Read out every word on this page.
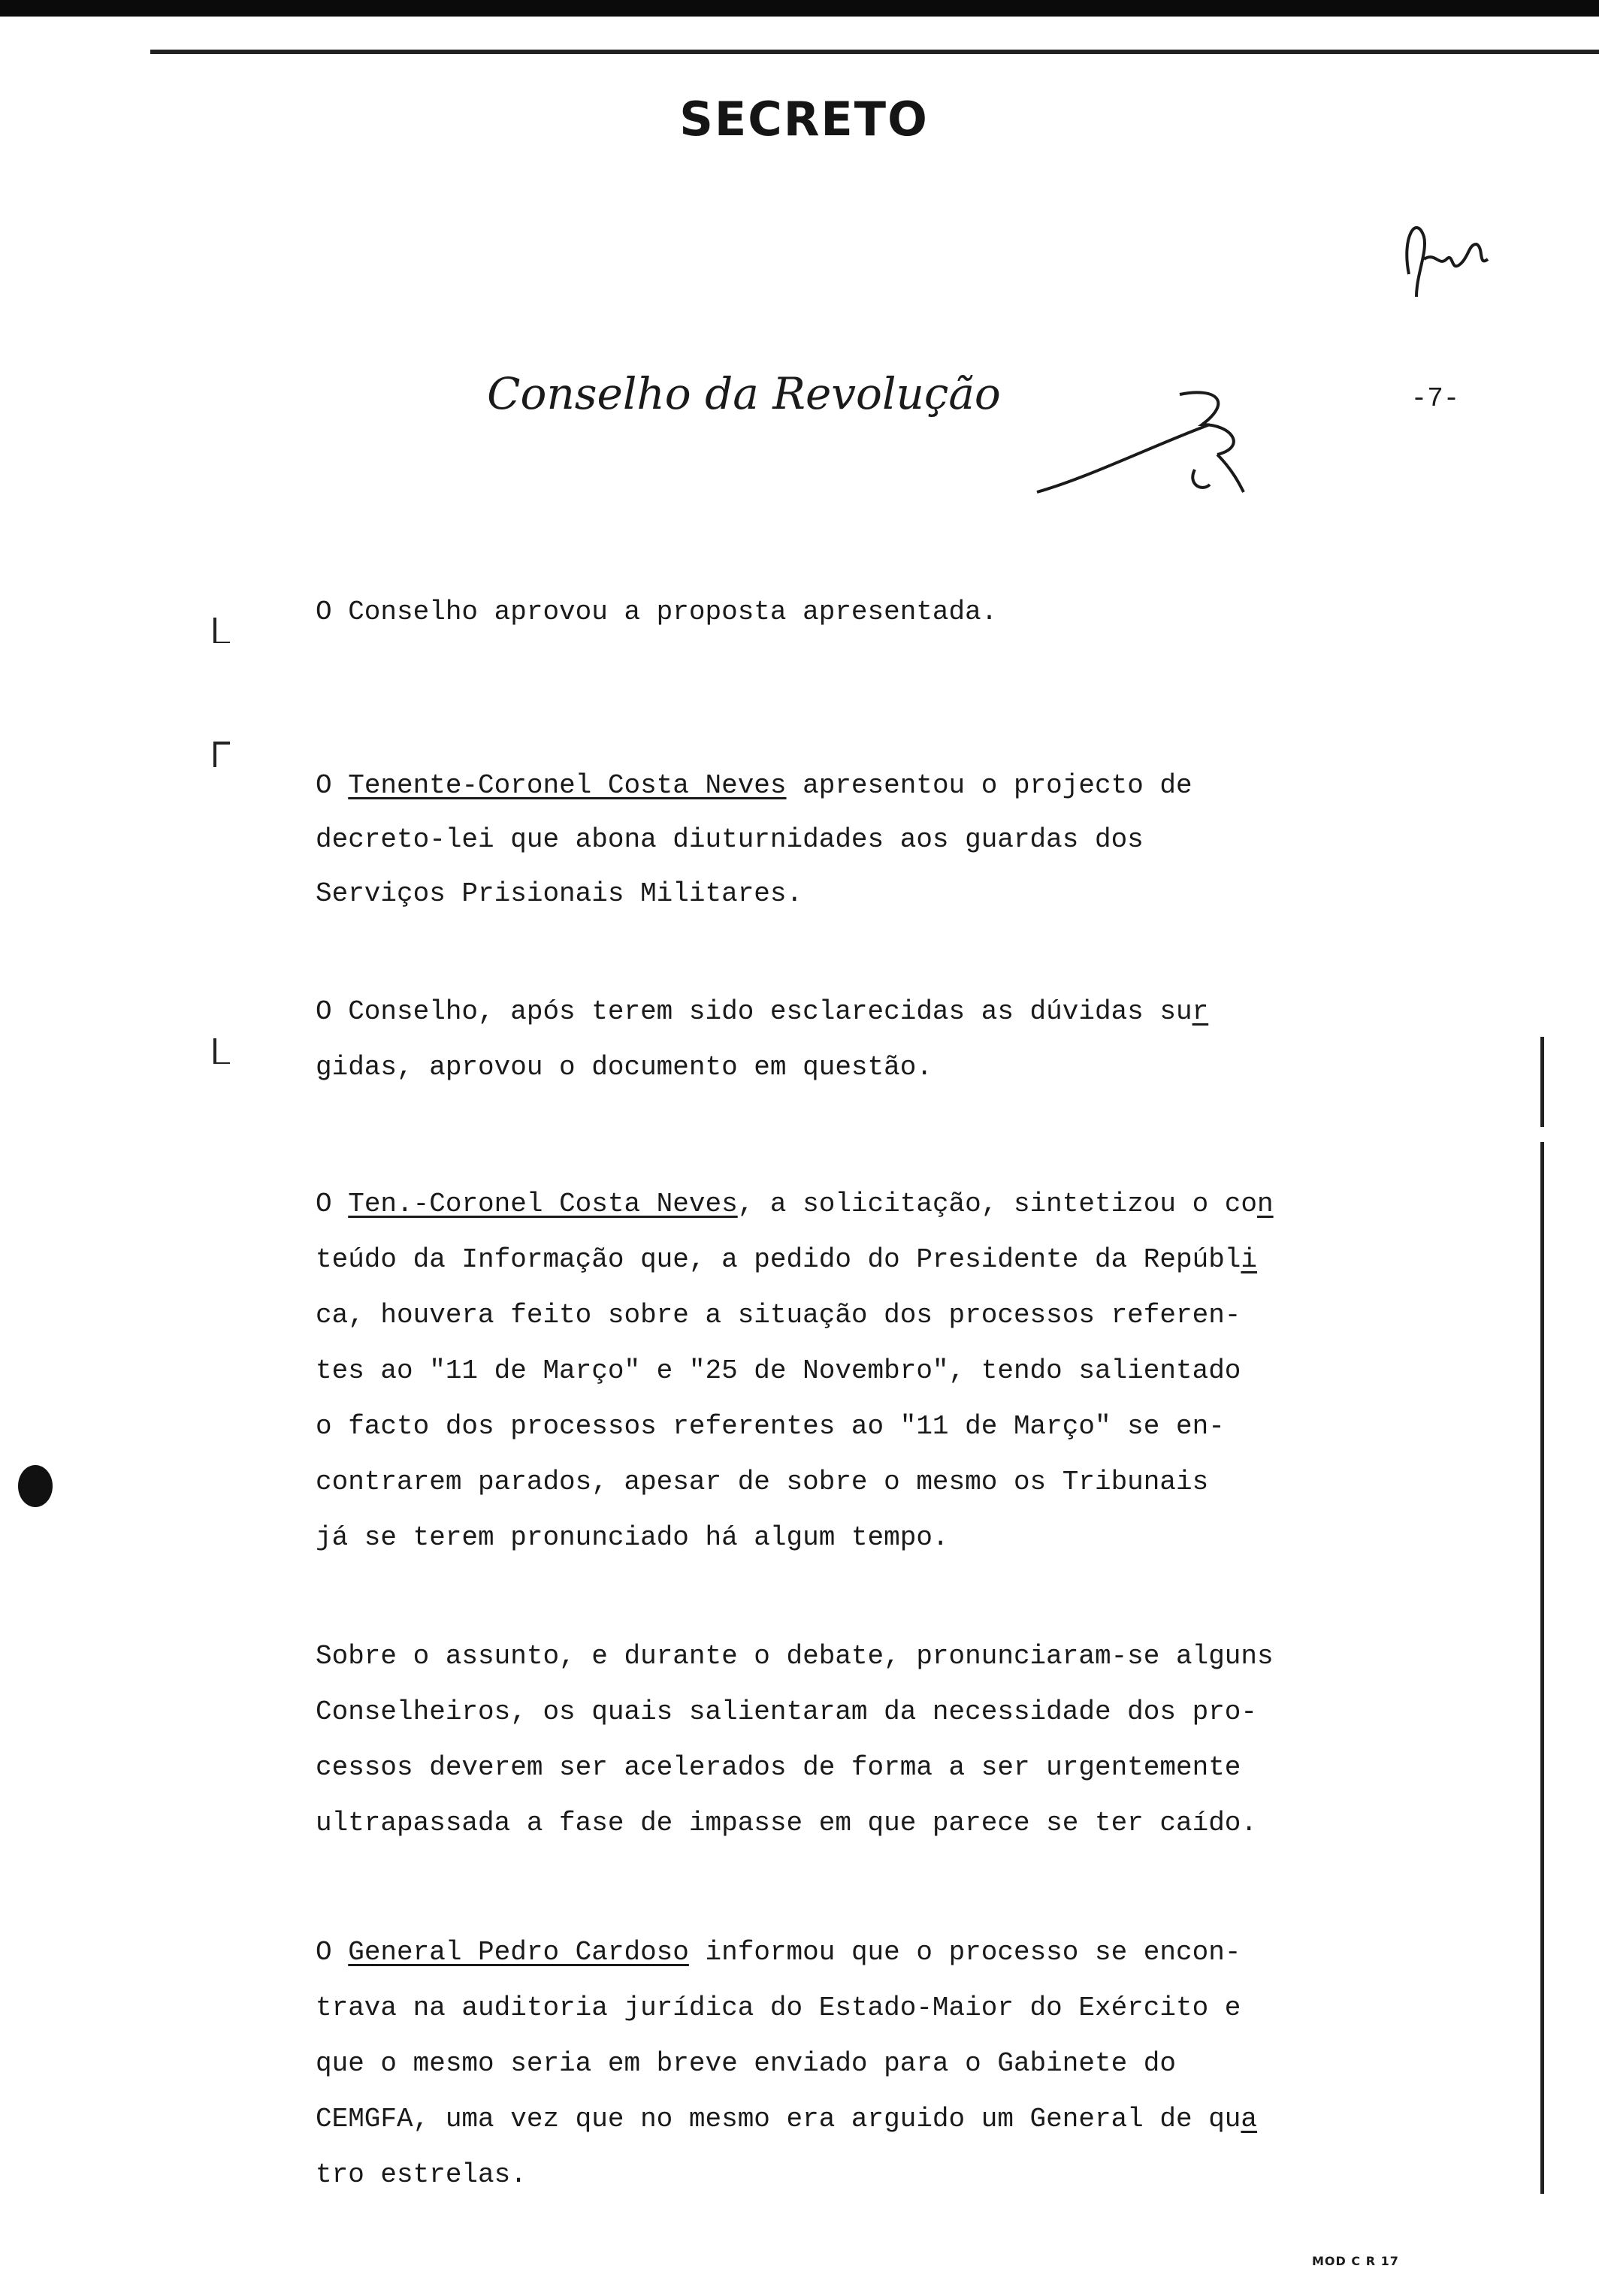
SECRETO
Conselho da Revolução	-7-
O Conselho aprovou a proposta apresentada.
O Tenente-Coronel Costa Neves apresentou o projecto de
decreto-lei que abona diuturnidades aos guardas dos
Serviços Prisionais Militares.
O Conselho, após terem sido esclarecidas as dúvidas sur
gidas, aprovou o documento em questão.
O Ten.-Coronel Costa Neves, a solicitação, sintetizou o con
teúdo da Informação que, a pedido do Presidente da Repúbli
ca, houvera feito sobre a situação dos processos referen-
tes ao "11 de Março" e "25 de Novembro", tendo salientado
o facto dos processos referentes ao "11 de Março" se en-
contrarem parados, apesar de sobre o mesmo os Tribunais
já se terem pronunciado há algum tempo.
Sobre o assunto, e durante o debate, pronunciaram-se alguns
Conselheiros, os quais salientaram da necessidade dos pro-
cessos deverem ser acelerados de forma a ser urgentemente
ultrapassada a fase de impasse em que parece se ter caído.
O General Pedro Cardoso informou que o processo se encon-
trava na auditoria jurídica do Estado-Maior do Exército e
que o mesmo seria em breve enviado para o Gabinete do
CEMGFA, uma vez que no mesmo era arguido um General de qua
tro estrelas.
MOD C R 17
